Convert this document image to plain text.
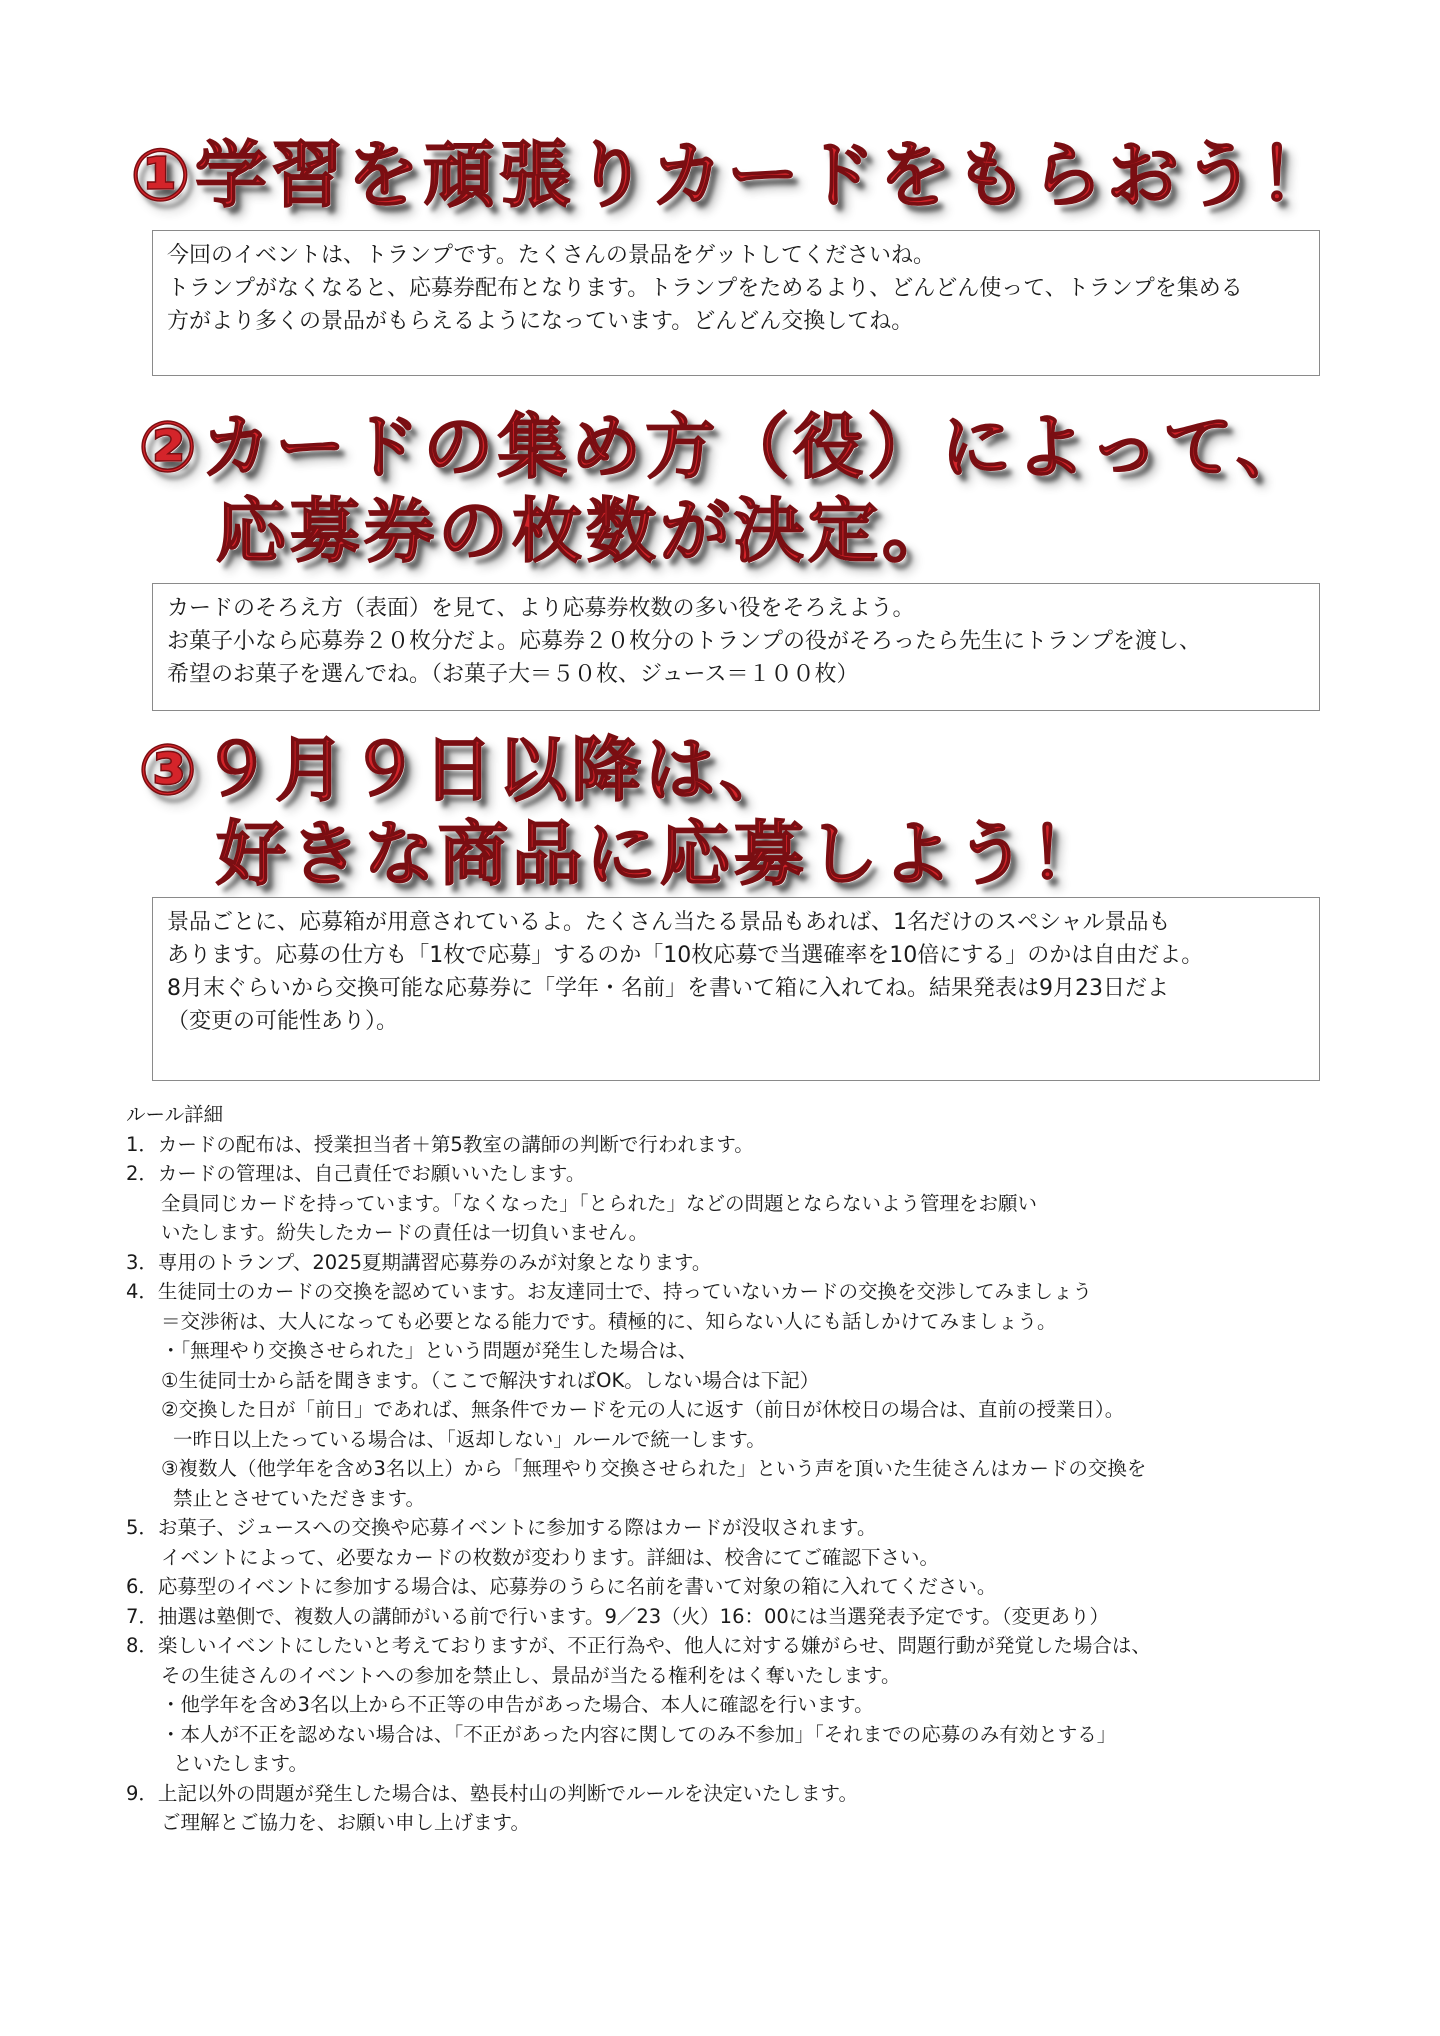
①学習を頑張りカードをもらおう！

今回のイベントは、トランプです。たくさんの景品をゲットしてくださいね。

トランプがなくなると、応募券配布となります。トランプをためるより、どんどん使って、トランプを集める

方がより多くの景品がもらえるようになっています。どんどん交換してね。

②カードの集め方（役）によって、
応募券の枚数が決定。

カードのそろえ方（表面）を見て、より応募券枚数の多い役をそろえよう。

お菓子小なら応募券２０枚分だよ。応募券２０枚分のトランプの役がそろったら先生にトランプを渡し、

希望のお菓子を選んでね。（お菓子大＝５０枚、ジュース＝１００枚）

③９月９日以降は、
好きな商品に応募しよう！

景品ごとに、応募箱が用意されているよ。たくさん当たる景品もあれば、1名だけのスペシャル景品も

あります。応募の仕方も「1枚で応募」するのか「10枚応募で当選確率を10倍にする」のかは自由だよ。

8月末ぐらいから交換可能な応募券に「学年・名前」を書いて箱に入れてね。結果発表は9月23日だよ

（変更の可能性あり）。

ルール詳細

1．カードの配布は、授業担当者＋第5教室の講師の判断で行われます。

2．カードの管理は、自己責任でお願いいたします。

全員同じカードを持っています。「なくなった」「とられた」などの問題とならないよう管理をお願い

いたします。紛失したカードの責任は一切負いません。

3．専用のトランプ、2025夏期講習応募券のみが対象となります。

4．生徒同士のカードの交換を認めています。お友達同士で、持っていないカードの交換を交渉してみましょう

＝交渉術は、大人になっても必要となる能力です。積極的に、知らない人にも話しかけてみましょう。

・「無理やり交換させられた」という問題が発生した場合は、

①生徒同士から話を聞きます。（ここで解決すればOK。しない場合は下記）

②交換した日が「前日」であれば、無条件でカードを元の人に返す（前日が休校日の場合は、直前の授業日）。

一昨日以上たっている場合は、「返却しない」ルールで統一します。

③複数人（他学年を含め3名以上）から「無理やり交換させられた」という声を頂いた生徒さんはカードの交換を

禁止とさせていただきます。

5．お菓子、ジュースへの交換や応募イベントに参加する際はカードが没収されます。

イベントによって、必要なカードの枚数が変わります。詳細は、校舎にてご確認下さい。

6．応募型のイベントに参加する場合は、応募券のうらに名前を書いて対象の箱に入れてください。

7．抽選は塾側で、複数人の講師がいる前で行います。9／23（火）16：00には当選発表予定です。（変更あり）

8．楽しいイベントにしたいと考えておりますが、不正行為や、他人に対する嫌がらせ、問題行動が発覚した場合は、

その生徒さんのイベントへの参加を禁止し、景品が当たる権利をはく奪いたします。

・他学年を含め3名以上から不正等の申告があった場合、本人に確認を行います。

・本人が不正を認めない場合は、「不正があった内容に関してのみ不参加」「それまでの応募のみ有効とする」

といたします。

9．上記以外の問題が発生した場合は、塾長村山の判断でルールを決定いたします。

ご理解とご協力を、お願い申し上げます。
